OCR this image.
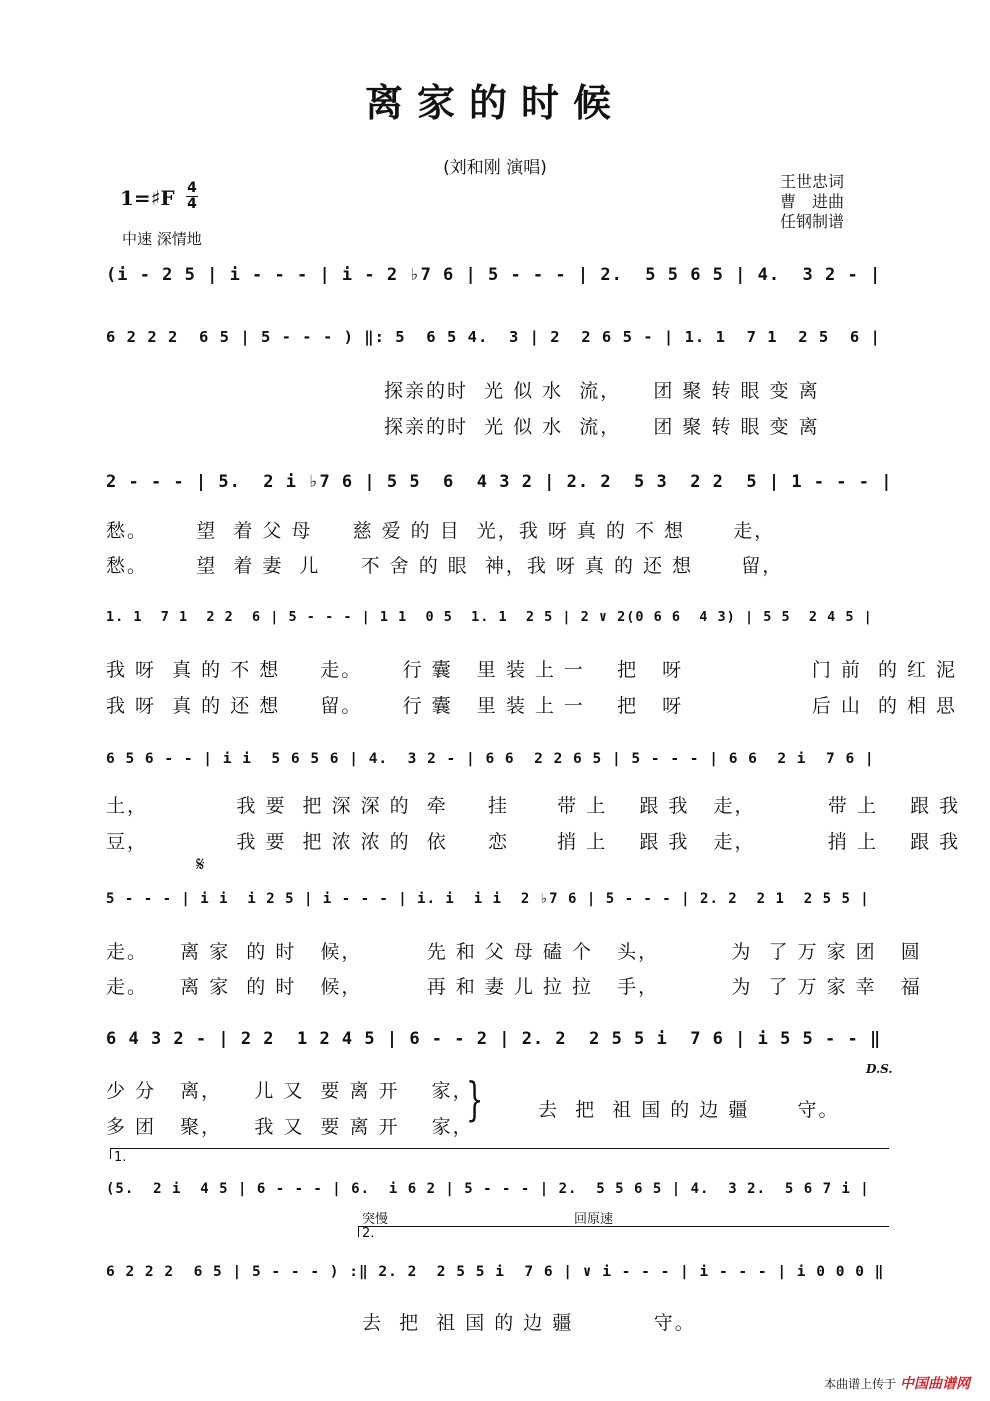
离家的时候
(刘和刚 演唱)
王世忠词
曹　进曲
任钢制谱
1=♯F 4
4
中速 深情地
(i - 2 5 | i - - - | i - 2 ♭7 6 | 5 - - - | 2.  5 5 6 5 | 4.  3 2 - |
6 2 2 2  6 5 | 5 - - - ) ‖: 5  6 5 4.  3 | 2  2 6 5 - | 1. 1  7 1  2 5  6 |
探亲的时  光 似 水  流，    团 聚 转 眼 变 离
探亲的时  光 似 水  流，    团 聚 转 眼 变 离
2 - - - | 5.  2 i ♭7 6 | 5 5  6  4 3 2 | 2. 2  5 3  2 2  5 | 1 - - - |
愁。      望  着 父 母     慈 爱 的 目  光，我 呀 真 的 不 想      走，
愁。      望  着 妻  儿     不 舍 的 眼  神，我 呀 真 的 还 想      留，
1. 1  7 1  2 2  6 | 5 - - - | 1 1  0 5  1. 1  2 5 | 2 ∨ 2(0 6 6  4 3) | 5 5  2 4 5 |
我 呀  真 的 不 想     走。     行 囊   里 装 上 一    把   呀                门 前  的 红 泥
我 呀  真 的 还 想     留。     行 囊   里 装 上 一    把   呀                后 山  的 相 思
6 5 6 - - | i i  5 6 5 6 | 4.  3 2 - | 6 6  2 2 6 5 | 5 - - - | 6 6  2 i  7 6 |
土，           我 要  把 深 深 的  牵     挂      带 上    跟 我   走，         带 上    跟 我
豆，           我 要  把 浓 浓 的  依     恋      捎 上    跟 我   走，         捎 上    跟 我
𝄋
5 - - - | i i  i 2 5 | i - - - | i. i  i i  2 ♭7 6 | 5 - - - | 2. 2  2 1  2 5 5 |
走。    离 家  的 时   候，        先 和 父 母 磕 个   头，         为  了 万 家 团   圆
走。    离 家  的 时   候，        再 和 妻 儿 拉 拉   手，         为  了 万 家 幸   福
6 4 3 2 - | 2 2  1 2 4 5 | 6 - - 2 | 2. 2  2 5 5 i  7 6 | i 5 5 - - ‖
D.S.
少 分   离，    儿 又  要 离 开    家，
多 团   聚，    我 又  要 离 开    家，
}	去  把  祖 国 的 边 疆      守。
1.
(5.  2 i  4 5 | 6 - - - | 6.  i 6 2 | 5 - - - | 2.  5 5 6 5 | 4.  3 2.  5 6 7 i |
突慢	回原速
2.
6 2 2 2  6 5 | 5 - - - ) :‖ 2. 2  2 5 5 i  7 6 | ∨ i - - - | i - - - | i 0 0 0 ‖
去  把  祖 国 的 边 疆          守。
本曲谱上传于 中国曲谱网
